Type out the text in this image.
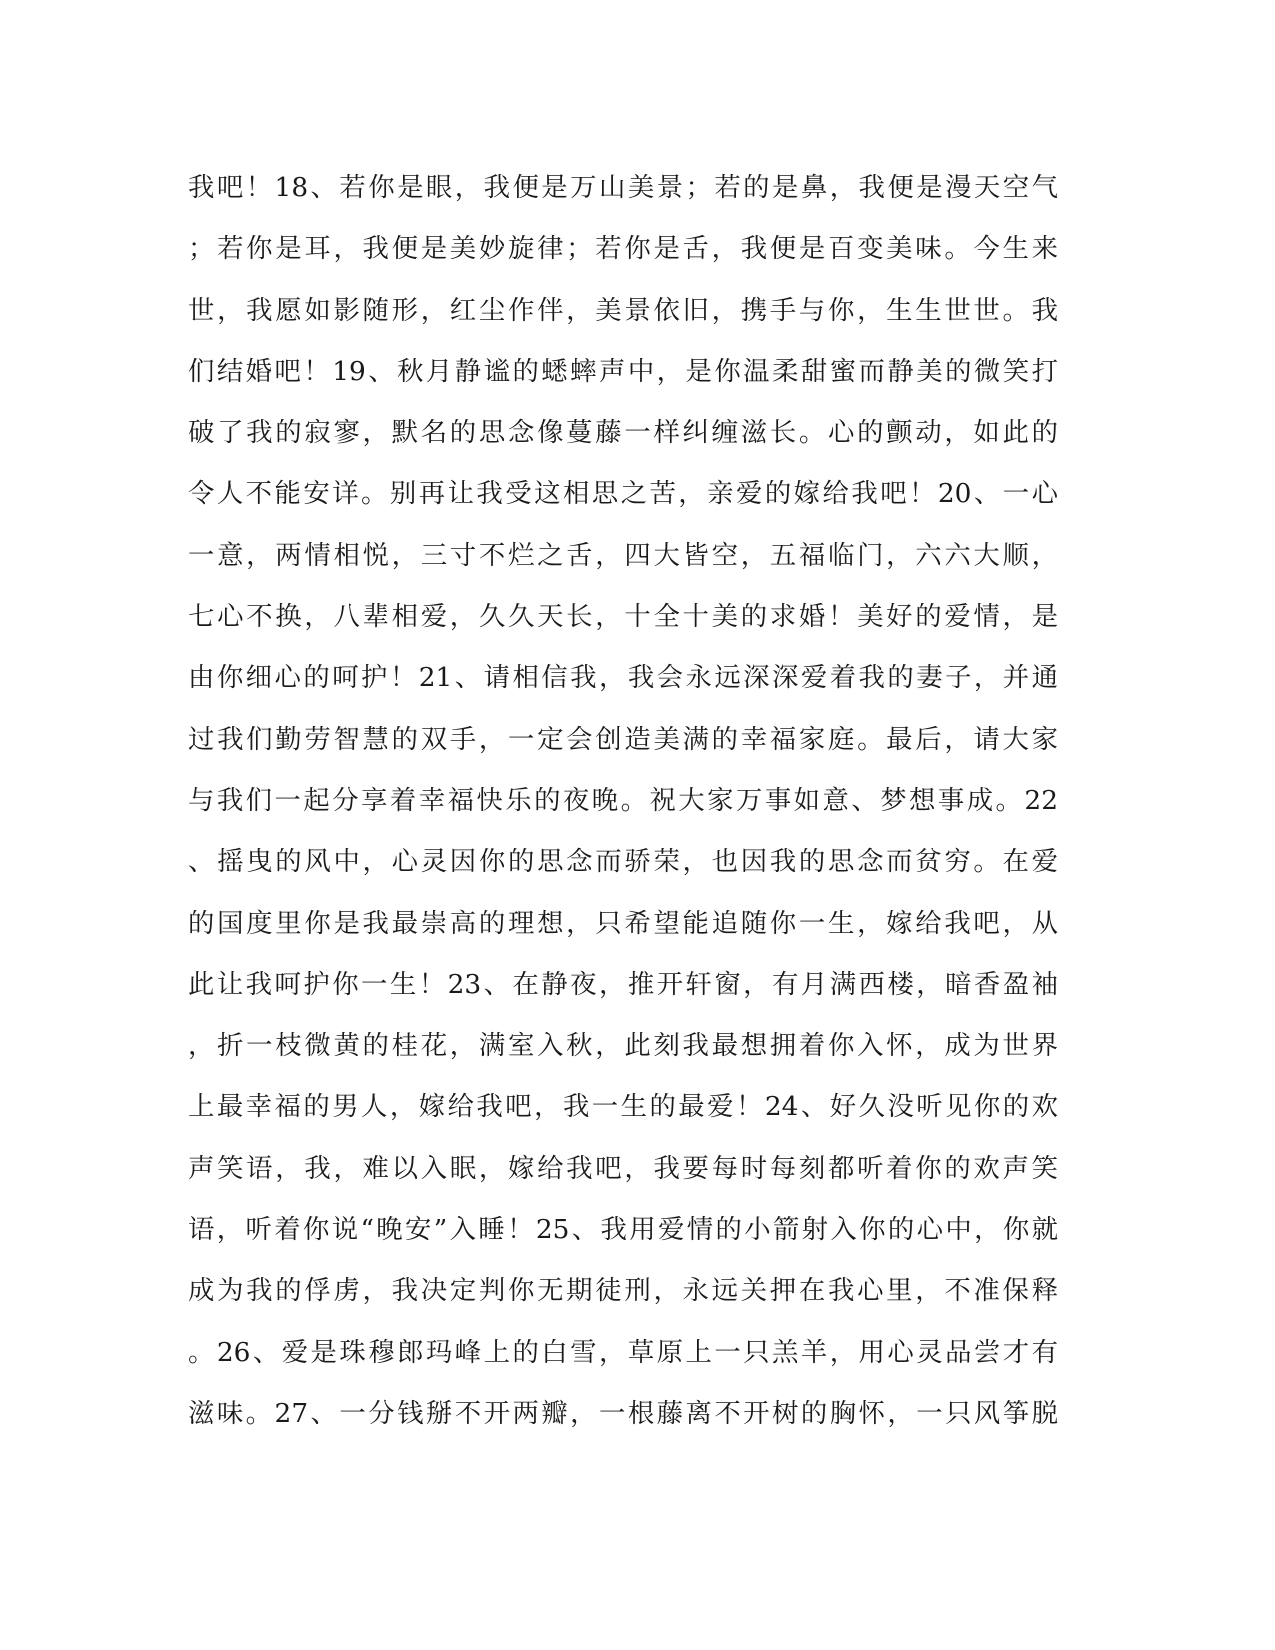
我吧！18、若你是眼，我便是万山美景；若的是鼻，我便是漫天空气
；若你是耳，我便是美妙旋律；若你是舌，我便是百变美味。今生来
世，我愿如影随形，红尘作伴，美景依旧，携手与你，生生世世。我
们结婚吧！19、秋月静谧的蟋蟀声中，是你温柔甜蜜而静美的微笑打
破了我的寂寥，默名的思念像蔓藤一样纠缠滋长。心的颤动，如此的
令人不能安详。别再让我受这相思之苦，亲爱的嫁给我吧！20、一心
一意，两情相悦，三寸不烂之舌，四大皆空，五福临门，六六大顺，
七心不换，八辈相爱，久久天长，十全十美的求婚！美好的爱情，是
由你细心的呵护！21、请相信我，我会永远深深爱着我的妻子，并通
过我们勤劳智慧的双手，一定会创造美满的幸福家庭。最后，请大家
与我们一起分享着幸福快乐的夜晚。祝大家万事如意、梦想事成。22
、摇曳的风中，心灵因你的思念而骄荣，也因我的思念而贫穷。在爱
的国度里你是我最崇高的理想，只希望能追随你一生，嫁给我吧，从
此让我呵护你一生！23、在静夜，推开轩窗，有月满西楼，暗香盈袖
，折一枝微黄的桂花，满室入秋，此刻我最想拥着你入怀，成为世界
上最幸福的男人，嫁给我吧，我一生的最爱！24、好久没听见你的欢
声笑语，我，难以入眠，嫁给我吧，我要每时每刻都听着你的欢声笑
语，听着你说“晚安”入睡！25、我用爱情的小箭射入你的心中，你就
成为我的俘虏，我决定判你无期徒刑，永远关押在我心里，不准保释
。26、爱是珠穆郎玛峰上的白雪，草原上一只羔羊，用心灵品尝才有
滋味。27、一分钱掰不开两瓣，一根藤离不开树的胸怀，一只风筝脱
